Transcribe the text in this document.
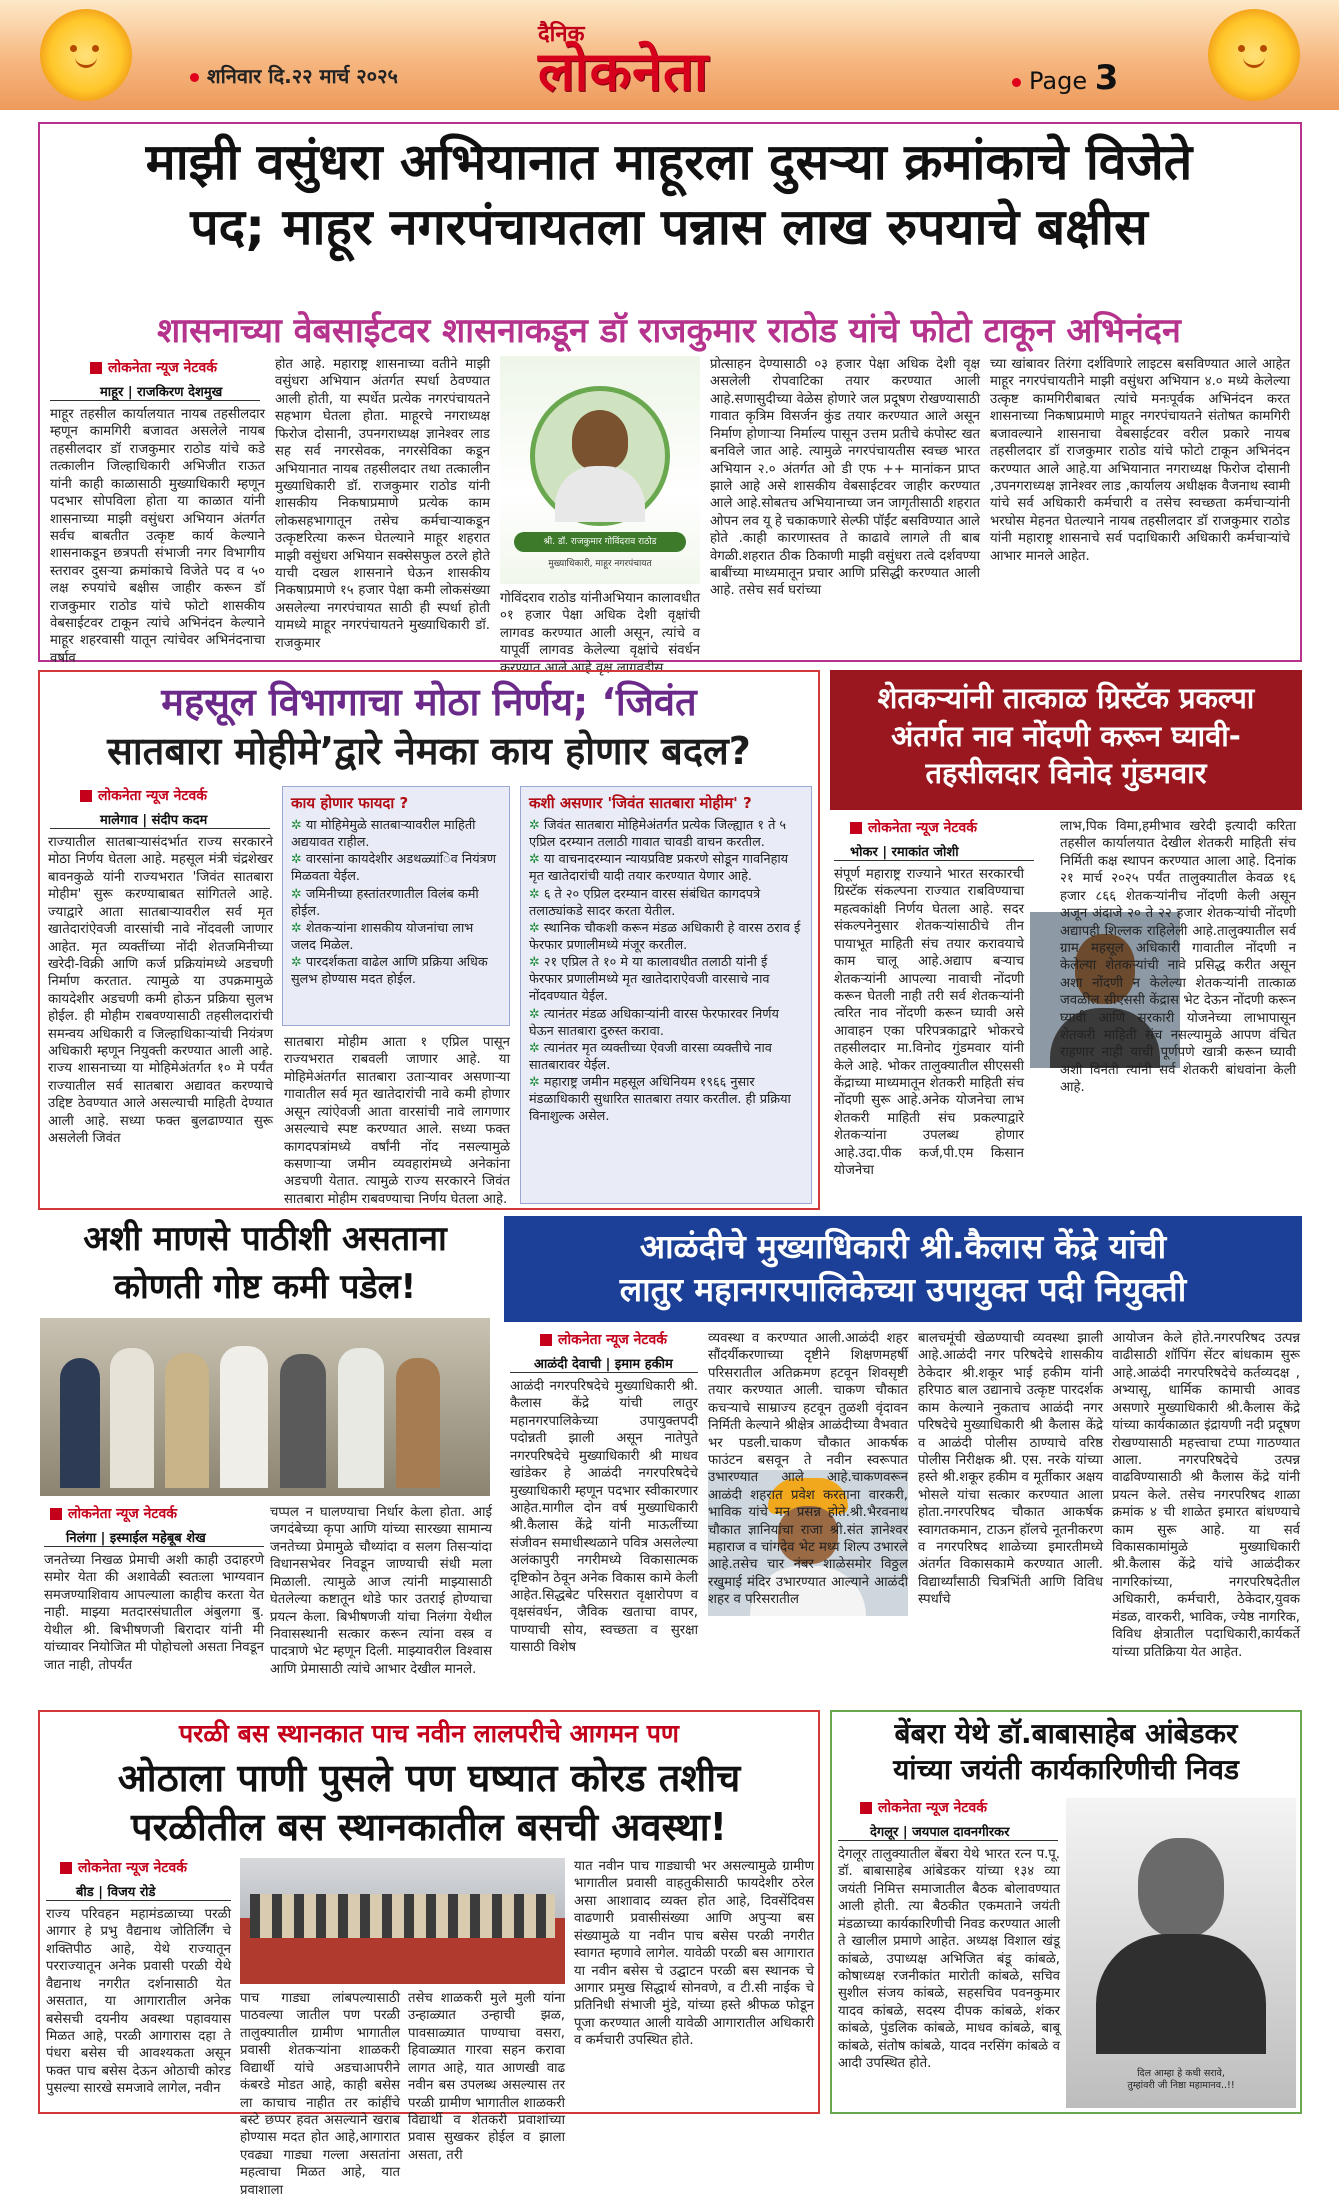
शनिवार दि.२२ मार्च २०२५
दैनिक
लोकनेता	Page 3
माझी वसुंधरा अभियानात माहूरला दुसऱ्या क्रमांकाचे विजेते
पद; माहूर नगरपंचायतला पन्नास लाख रुपयाचे बक्षीस
शासनाच्या वेबसाईटवर शासनाकडून डॉ राजकुमार राठोड यांचे फोटो टाकून अभिनंदन
लोकनेता न्यूज नेटवर्क
माहूर | राजकिरण देशमुख
माहूर तहसील कार्यालयात नायब तहसीलदार म्हणून कामगिरी बजावत असलेले नायब तहसीलदार डॉ राजकुमार राठोड यांचे कडे तत्कालीन जिल्हाधिकारी अभिजीत राऊत यांनी काही काळासाठी मुख्याधिकारी म्हणून पदभार सोपविला होता या काळात यांनी शासनाच्या माझी वसुंधरा अभियान अंतर्गत सर्वच बाबतीत उत्कृष्ट कार्य केल्याने शासनाकडून छत्रपती संभाजी नगर विभागीय स्तरावर दुसऱ्या क्रमांकाचे विजेते पद व ५० लक्ष रुपयांचे बक्षीस जाहीर करून डॉ राजकुमार राठोड यांचे फोटो शासकीय वेबसाईटवर टाकून त्यांचे अभिनंदन केल्याने माहूर शहरवासी यातून त्यांचेवर अभिनंदनाचा वर्षाव
होत आहे. महाराष्ट्र शासनाच्या वतीने माझी वसुंधरा अभियान अंतर्गत स्पर्धा ठेवण्यात आली होती, या स्पर्धेत प्रत्येक नगरपंचायतने सहभाग घेतला होता. माहूरचे नगराध्यक्ष फिरोज दोसानी, उपनगराध्यक्ष ज्ञानेश्वर लाड सह सर्व नगरसेवक, नगरसेविका कडून अभियानात नायब तहसीलदार तथा तत्कालीन मुख्याधिकारी डॉ. राजकुमार राठोड यांनी शासकीय निकषाप्रमाणे प्रत्येक काम लोकसहभागातून तसेच कर्मचाऱ्याकडून उत्कृष्टरित्या करून घेतल्याने माहूर शहरात माझी वसुंधरा अभियान सक्सेसफुल ठरले होते याची दखल शासनाने घेऊन शासकीय निकषाप्रमाणे १५ हजार पेक्षा कमी लोकसंख्या असलेल्या नगरपंचायत साठी ही स्पर्धा होती यामध्ये माहूर नगरपंचायतने मुख्याधिकारी डॉ. राजकुमार
श्री. डॉ. राजकुमार गोविंदराव राठोड
मुख्याधिकारी, माहूर नगरपंचायत
गोविंदराव राठोड यांनीअभियान कालावधीत ०१ हजार पेक्षा अधिक देशी वृक्षांची लागवड करण्यात आली असून, त्यांचे व यापूर्वी लागवड केलेल्या वृक्षांचे संवर्धन करण्यात आले आहे.वृक्ष लागवडीस
प्रोत्साहन देण्यासाठी ०३ हजार पेक्षा अधिक देशी वृक्ष असलेली रोपवाटिका तयार करण्यात आली आहे.सणासुदीच्या वेळेस होणारे जल प्रदूषण रोखण्यासाठी गावात कृत्रिम विसर्जन कुंड तयार करण्यात आले असून निर्माण होणाऱ्या निर्माल्य पासून उत्तम प्रतीचे कंपोस्ट खत बनविले जात आहे. त्यामुळे नगरपंचायतीस स्वच्छ भारत अभियान २.० अंतर्गत ओ डी एफ ++ मानांकन प्राप्त झाले आहे असे शासकीय वेबसाईटवर जाहीर करण्यात आले आहे.सोबतच अभियानाच्या जन जागृतीसाठी शहरात ओपन लव यू हे चकाकणारे सेल्फी पॉईंट बसविण्यात आले होते .काही कारणास्तव ते काढावे लागले ती बाब वेगळी.शहरात ठीक ठिकाणी माझी वसुंधरा तत्वे दर्शवण्या बाबींच्या माध्यमातून प्रचार आणि प्रसिद्धी करण्यात आली आहे. तसेच सर्व घरांच्या
च्या खांबावर तिरंगा दर्शविणारे लाइटस बसविण्यात आले आहेत माहूर नगरपंचायतीने माझी वसुंधरा अभियान ४.० मध्ये केलेल्या उत्कृष्ट कामगिरीबाबत त्यांचे मनःपूर्वक अभिनंदन करत शासनाच्या निकषाप्रमाणे माहूर नगरपंचायतने संतोषत कामगिरी बजावल्याने शासनाचा वेबसाईटवर वरील प्रकारे नायब तहसीलदार डॉ राजकुमार राठोड यांचे फोटो टाकून अभिनंदन करण्यात आले आहे.या अभियानात नगराध्यक्ष फिरोज दोसानी ,उपनगराध्यक्ष ज्ञानेश्वर लाड ,कार्यालय अधीक्षक वैजनाथ स्वामी यांचे सर्व अधिकारी कर्मचारी व तसेच स्वच्छता कर्मचाऱ्यांनी भरघोस मेहनत घेतल्याने नायब तहसीलदार डॉ राजकुमार राठोड यांनी महाराष्ट्र शासनाचे सर्व पदाधिकारी अधिकारी कर्मचाऱ्यांचे आभार मानले आहेत.
महसूल विभागाचा मोठा निर्णय; ‘जिवंत
सातबारा मोहीमे’द्वारे नेमका काय होणार बदल?
लोकनेता न्यूज नेटवर्क
मालेगाव | संदीप कदम
राज्यातील सातबाऱ्यासंदर्भात राज्य सरकारने मोठा निर्णय घेतला आहे. महसूल मंत्री चंद्रशेखर बावनकुळे यांनी राज्यभरात 'जिवंत सातबारा मोहीम' सुरू करण्याबाबत सांगितले आहे. ज्याद्वारे आता सातबाऱ्यावरील सर्व मृत खातेदारांऐवजी वारसांची नावे नोंदवली जाणार आहेत. मृत व्यक्तींच्या नोंदी शेतजमिनीच्या खरेदी-विक्री आणि कर्ज प्रक्रियांमध्ये अडचणी निर्माण करतात. त्यामुळे या उपक्रमामुळे कायदेशीर अडचणी कमी होऊन प्रक्रिया सुलभ होईल. ही मोहीम राबवण्यासाठी तहसीलदारांची समन्वय अधिकारी व जिल्हाधिकाऱ्यांची नियंत्रण अधिकारी म्हणून नियुक्ती करण्यात आली आहे. राज्य शासनाच्या या मोहिमेअंतर्गत १० मे पर्यंत राज्यातील सर्व सातबारा अद्यावत करण्याचे उद्दिष्ट ठेवण्यात आले असल्याची माहिती देण्यात आली आहे. सध्या फक्त बुलढाण्यात सुरू असलेली जिवंत
काय होणार फायदा ?

✲ या मोहिमेमुळे सातबाऱ्यावरील माहिती अद्ययावत राहील.

✲ वारसांना कायदेशीर अडथळ्यांिव नियंत्रण मिळवता येईल.

✲ जमिनीच्या हस्तांतरणातील विलंब कमी होईल.

✲ शेतकऱ्यांना शासकीय योजनांचा लाभ जलद मिळेल.

✲ पारदर्शकता वाढेल आणि प्रक्रिया अधिक सुलभ होण्यास मदत होईल.

सातबारा मोहीम आता १ एप्रिल पासून राज्यभरात राबवली जाणार आहे. या मोहिमेअंतर्गत सातबारा उताऱ्यावर असणाऱ्या गावातील सर्व मृत खातेदारांची नावे कमी होणार असून त्यांऐवजी आता वारसांची नावे लागणार असल्याचे स्पष्ट करण्यात आले. सध्या फक्त कागदपत्रांमध्ये वर्षांनी नोंद नसल्यामुळे कसणाऱ्या जमीन व्यवहारांमध्ये अनेकांना अडचणी येतात. त्यामुळे राज्य सरकारने जिवंत सातबारा मोहीम राबवण्याचा निर्णय घेतला आहे.
कशी असणार 'जिवंत सातबारा मोहीम' ?

✲ जिवंत सातबारा मोहिमेअंतर्गत प्रत्येक जिल्ह्यात १ ते ५ एप्रिल दरम्यान तलाठी गावात चावडी वाचन करतील.

✲ या वाचनादरम्यान न्यायप्रविष्ट प्रकरणे सोडून गावनिहाय मृत खातेदारांची यादी तयार करण्यात येणार आहे.

✲ ६ ते २० एप्रिल दरम्यान वारस संबंधित कागदपत्रे तलाठ्यांकडे सादर करता येतील.

✲ स्थानिक चौकशी करून मंडळ अधिकारी हे वारस ठराव ई फेरफार प्रणालीमध्ये मंजूर करतील.

✲ २१ एप्रिल ते १० मे या कालावधीत तलाठी यांनी ई फेरफार प्रणालीमध्ये मृत खातेदाराऐवजी वारसाचे नाव नोंदवण्यात येईल.

✲ त्यानंतर मंडळ अधिकाऱ्यांनी वारस फेरफारवर निर्णय घेऊन सातबारा दुरुस्त करावा.

✲ त्यानंतर मृत व्यक्तीच्या ऐवजी वारसा व्यक्तीचे नाव सातबारावर येईल.

✲ महाराष्ट्र जमीन महसूल अधिनियम १९६६ नुसार मंडळाधिकारी सुधारित सातबारा तयार करतील. ही प्रक्रिया विनाशुल्क असेल.

शेतकऱ्यांनी तात्काळ ग्रिस्टॅक प्रकल्पा अंतर्गत नाव नोंदणी करून घ्यावी-तहसीलदार विनोद गुंडमवार
लोकनेता न्यूज नेटवर्क
भोकर | रमाकांत जोशी
संपूर्ण महाराष्ट्र राज्याने भारत सरकारची ग्रिस्टॅक संकल्पना राज्यात राबविण्याचा महत्वकांक्षी निर्णय घेतला आहे. सदर संकल्पनेनुसार शेतकऱ्यांसाठीचे तीन पायाभूत माहिती संच तयार करावयाचे काम चालू आहे.अद्याप बऱ्याच शेतकऱ्यांनी आपल्या नावाची नोंदणी करून घेतली नाही तरी सर्व शेतकऱ्यांनी त्वरित नाव नोंदणी करून घ्यावी असे आवाहन एका परिपत्रकाद्वारे भोकरचे तहसीलदार मा.विनोद गुंडमवार यांनी केले आहे. भोकर तालुक्यातील सीएससी केंद्राच्या माध्यमातून शेतकरी माहिती संच नोंदणी सुरू आहे.अनेक योजनेचा लाभ शेतकरी माहिती संच प्रकल्पाद्वारे शेतकऱ्यांना उपलब्ध होणार आहे.उदा.पीक कर्ज,पी.एम किसान योजनेचा
लाभ,पिक विमा,हमीभाव खरेदी इत्यादी करिता तहसील कार्यालयात देखील शेतकरी माहिती संच निर्मिती कक्ष स्थापन करण्यात आला आहे. दिनांक २१ मार्च २०२५ पर्यंत तालुक्यातील केवळ १६ हजार ८६६ शेतकऱ्यांनीच नोंदणी केली असून अजून अंदाजे २० ते २२ हजार शेतकऱ्यांची नोंदणी अद्यापही शिल्लक राहिलेली आहे.तालुक्यातील सर्व ग्राम महसूल अधिकारी गावातील नोंदणी न केलेल्या शेतकऱ्यांची नावे प्रसिद्ध करीत असून अशा नोंदणी न केलेल्या शेतकऱ्यांनी तात्काळ जवळील सीएससी केंद्रास भेट देऊन नोंदणी करून घ्यावी आणि सरकारी योजनेच्या लाभापासून शेतकरी माहिती संच नसल्यामुळे आपण वंचित राहणार नाही याची पूर्णपणे खात्री करून घ्यावी अशी विनंती त्यांनी सर्व शेतकरी बांधवांना केली आहे.
अशी माणसे पाठीशी असताना
कोणती गोष्ट कमी पडेल!
लोकनेता न्यूज नेटवर्क
निलंगा | इस्माईल महेबूब शेख
जनतेच्या निखळ प्रेमाची अशी काही उदाहरणे समोर येता की अशावेळी स्वतःला भाग्यवान समजण्याशिवाय आपल्याला काहीच करता येत नाही. माझ्या मतदारसंघातील अंबुलगा बु. येथील श्री. बिभीषणजी बिरादार यांनी मी यांच्यावर नियोजित मी पोहोचलो असता निवडून जात नाही, तोपर्यंत
चप्पल न घालण्याचा निर्धार केला होता. आई जगदंबेच्या कृपा आणि यांच्या सारख्या सामान्य जनतेच्या प्रेमामुळे चौथ्यांदा व सलग तिसऱ्यांदा विधानसभेवर निवडून जाण्याची संधी मला मिळाली. त्यामुळे आज त्यांनी माझ्यासाठी घेतलेल्या कष्टातून थोडे फार उतराई होण्याचा प्रयत्न केला. बिभीषणजी यांचा निलंगा येथील निवासस्थानी सत्कार करून त्यांना वस्त्र व पादत्राणे भेट म्हणून दिली. माझ्यावरील विश्वास आणि प्रेमासाठी त्यांचे आभार देखील मानले.
आळंदीचे मुख्याधिकारी श्री.कैलास केंद्रे यांची
लातुर महानगरपालिकेच्या उपायुक्त पदी नियुक्ती
लोकनेता न्यूज नेटवर्क
आळंदी देवाची | इमाम हकीम
आळंदी नगरपरिषदेचे मुख्याधिकारी श्री. कैलास केंद्रे यांची लातुर महानगरपालिकेच्या उपायुक्तपदी पदोन्नती झाली असून नातेपुते नगरपरिषदेचे मुख्याधिकारी श्री माधव खांडेकर हे आळंदी नगरपरिषदेचे मुख्याधिकारी म्हणून पदभार स्वीकारणार आहेत.मागील दोन वर्ष मुख्याधिकारी श्री.कैलास केंद्रे यांनी माऊलींच्या संजीवन समाधीस्थळाने पवित्र असलेल्या अलंकापुरी नगरीमध्ये विकासात्मक दृष्टिकोन ठेवून अनेक विकास कामे केली आहेत.सिद्धबेट परिसरात वृक्षारोपण व वृक्षसंवर्धन, जैविक खताचा वापर, पाण्याची सोय, स्वच्छता व सुरक्षा यासाठी विशेष
व्यवस्था व करण्यात आली.आळंदी शहर सौंदर्यीकरणाच्या दृष्टीने शिक्षणमहर्षी परिसरातील अतिक्रमण हटवून शिवसृष्टी तयार करण्यात आली. चाकण चौकात कचऱ्याचे साम्राज्य हटवून तुळशी वृंदावन निर्मिती केल्याने श्रीक्षेत्र आळंदीच्या वैभवात भर पडली.चाकण चौकात आकर्षक फाउंटन बसवून ते नवीन स्वरूपात उभारण्यात आले आहे.चाकणवरून आळंदी शहरात प्रवेश करताना वारकरी, भाविक यांचे मन प्रसन्न होते.श्री.भैरवनाथ चौकात ज्ञानियांचा राजा श्री.संत ज्ञानेश्वर महाराज व चांगदेव भेट मध्य शिल्प उभारले आहे.तसेच चार नंबर शाळेसमोर विठ्ठल रखुमाई मंदिर उभारण्यात आल्याने आळंदी शहर व परिसरातील
बालचमूंची खेळण्याची व्यवस्था झाली आहे.आळंदी नगर परिषदेचे शासकीय ठेकेदार श्री.शकूर भाई हकीम यांनी हरिपाठ बाल उद्यानाचे उत्कृष्ट पारदर्शक काम केल्याने नुकताच आळंदी नगर परिषदेचे मुख्याधिकारी श्री कैलास केंद्रे व आळंदी पोलीस ठाण्याचे वरिष्ठ पोलीस निरीक्षक श्री. एस. नरके यांच्या हस्ते श्री.शकूर हकीम व मूर्तीकार अक्षय भोसले यांचा सत्कार करण्यात आला होता.नगरपरिषद चौकात आकर्षक स्वागतकमान, टाऊन हॉलचे नूतनीकरण व नगरपरिषद शाळेच्या इमारतीमध्ये अंतर्गत विकासकामे करण्यात आली. विद्यार्थ्यांसाठी चित्रभिंती आणि विविध स्पर्धांचे
आयोजन केले होते.नगरपरिषद उत्पन्न वाढीसाठी शॉपिंग सेंटर बांधकाम सुरू आहे.आळंदी नगरपरिषदेचे कर्तव्यदक्ष , अभ्यासू, धार्मिक कामाची आवड असणारे मुख्याधिकारी श्री.कैलास केंद्रे यांच्या कार्यकाळात इंद्रायणी नदी प्रदूषण रोखण्यासाठी महत्त्वाचा टप्पा गाठण्यात आला. नगरपरिषदेचे उत्पन्न वाढविण्यासाठी श्री कैलास केंद्रे यांनी प्रयत्न केले. तसेच नगरपरिषद शाळा क्रमांक ४ ची शाळेत इमारत बांधण्याचे काम सुरू आहे. या सर्व विकासकामांमुळे मुख्याधिकारी श्री.कैलास केंद्रे यांचे आळंदीकर नागरिकांच्या, नगरपरिषदेतील अधिकारी, कर्मचारी, ठेकेदार,युवक मंडळ, वारकरी, भाविक, ज्येष्ठ नागरिक, विविध क्षेत्रातील पदाधिकारी,कार्यकर्ते यांच्या प्रतिक्रिया येत आहेत.
परळी बस स्थानकात पाच नवीन लालपरीचे आगमन पण
ओठाला पाणी पुसले पण घष्यात कोरड तशीच
परळीतील बस स्थानकातील बसची अवस्था!
लोकनेता न्यूज नेटवर्क
बीड | विजय रोडे
राज्य परिवहन महामंडळाच्या परळी आगार हे प्रभु वैद्यनाथ जोतिर्लिंग चे शक्तिपीठ आहे, येथे राज्यातून परराज्यातून अनेक प्रवासी परळी येथे वैद्यनाथ नगरीत दर्शनासाठी येत असतात, या आगारातील अनेक बसेसची दयनीय अवस्था पहावयास मिळत आहे, परळी आगारास दहा ते पंधरा बसेस ची आवश्यकता असून फक्त पाच बसेस देऊन ओठाची कोरड पुसल्या सारखे समजावे लागेल, नवीन
पाच गाड्या लांबपल्यासाठी पाठवल्या जातील पण परळी तालुक्यातील ग्रामीण भागातील प्रवासी शेतकऱ्यांना शाळकरी विद्यार्थी यांचे अडचाआपरीने कंबरडे मोडत आहे, काही बसेस ला काचाच नाहीत तर कांहींचे बस्टे छप्पर हवत असल्याने खराब होण्यास मदत होत आहे,आगारात एवढ्या गाड्या गल्ला असतांना महत्वाचा मिळत आहे, यात प्रवाशाला
तसेच शाळकरी मुले मुली यांना उन्हाळ्यात उन्हाची झळ, पावसाळ्यात पाण्याचा वसरा, हिवाळ्यात गारवा सहन करावा लागत आहे, यात आणखी वाढ नवीन बस उपलब्ध असल्यास तर परळी ग्रामीण भागातील शाळकरी विद्यार्थी व शेतकरी प्रवाशांच्या प्रवास सुखकर होईल व झाला असता, तरी
यात नवीन पाच गाड्याची भर असल्यामुळे ग्रामीण भागातील प्रवासी वाहतुकीसाठी फायदेशीर ठरेल असा आशावाद व्यक्त होत आहे, दिवसेंदिवस वाढणारी प्रवासीसंख्या आणि अपुऱ्या बस संख्यामुळे या नवीन पाच बसेस परळी नगरीत स्वागत म्हणावे लागेल. यावेळी परळी बस आगारात या नवीन बसेस चे उद्घाटन परळी बस स्थानक चे आगार प्रमुख सिद्धार्थ सोनवणे, व टी.सी नाईक चे प्रतिनिधी संभाजी मुंडे, यांच्या हस्ते श्रीफळ फोडून पूजा करण्यात आली यावेळी आगारातील अधिकारी व कर्मचारी उपस्थित होते.
बेंबरा येथे डॉ.बाबासाहेब आंबेडकर
यांच्या जयंती कार्यकारिणीची निवड
लोकनेता न्यूज नेटवर्क
देगलूर | जयपाल दावनगीरकर
देगलूर तालुक्यातील बेंबरा येथे भारत रत्न प.पू. डॉ. बाबासाहेब आंबेडकर यांच्या १३४ व्या जयंती निमित्त समाजातील बैठक बोलावण्यात आली होती. त्या बैठकीत एकमताने जयंती मंडळाच्या कार्यकारिणीची निवड करण्यात आली ते खालील प्रमाणे आहेत. अध्यक्ष विशाल खंडू कांबळे, उपाध्यक्ष अभिजित बंडू कांबळे, कोषाध्यक्ष रजनीकांत मारोती कांबळे, सचिव सुशील संजय कांबळे, सहसचिव पवनकुमार यादव कांबळे, सदस्य दीपक कांबळे, शंकर कांबळे, पुंडलिक कांबळे, माधव कांबळे, बाबू कांबळे, संतोष कांबळे, यादव नरसिंग कांबळे व आदी उपस्थित होते.
दिल आम्हा हे कधी सरावे,
तुम्हांवरी जी निष्ठा महामानव..!!
